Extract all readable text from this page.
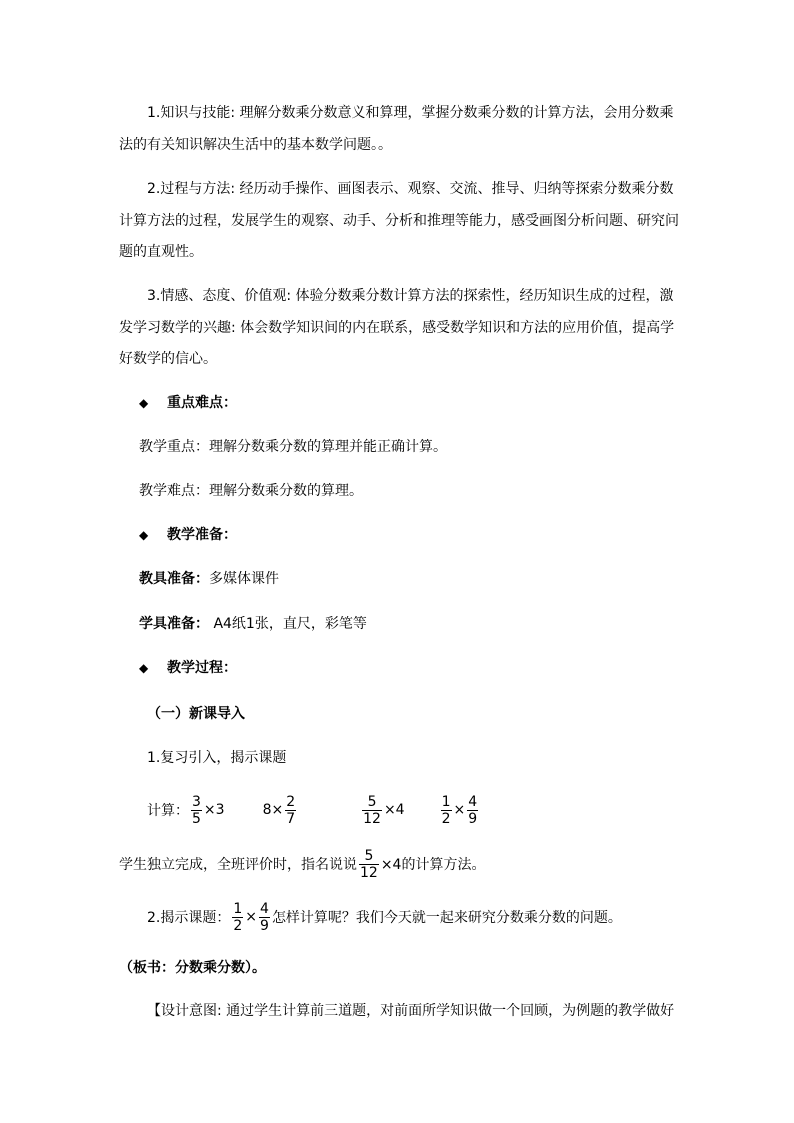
1.知识与技能: 理解分数乘分数意义和算理，掌握分数乘分数的计算方法，会用分数乘
法的有关知识解决生活中的基本数学问题。。
2.过程与方法: 经历动手操作、画图表示、观察、交流、推导、归纳等探索分数乘分数
计算方法的过程，发展学生的观察、动手、分析和推理等能力，感受画图分析问题、研究问
题的直观性。
3.情感、态度、价值观: 体验分数乘分数计算方法的探索性，经历知识生成的过程，激
发学习数学的兴趣: 体会数学知识间的内在联系，感受数学知识和方法的应用价值，提高学
好数学的信心。
◆ 重点难点：
教学重点：理解分数乘分数的算理并能正确计算。
教学难点：理解分数乘分数的算理。
◆ 教学准备：
教具准备：多媒体课件
学具准备： A4纸1张，直尺，彩笔等
◆ 教学过程：
（一）新课导入
1.复习引入，揭示课题
计算： $\frac{3}{5} \times 3$	$8\times \frac{2}{7}$	$\frac{5}{12} \times 4$	$\frac{1}{2} \times \frac{4}{9}$
学生独立完成，全班评价时，指名说说 $\frac{5}{12} \times 4$的计算方法。
2.揭示课题： $\frac{1}{2} \times \frac{4}{9}$ 怎样计算呢？我们今天就一起来研究分数乘分数的问题。
（板书：分数乘分数）。
【设计意图: 通过学生计算前三道题，对前面所学知识做一个回顾，为例题的教学做好
